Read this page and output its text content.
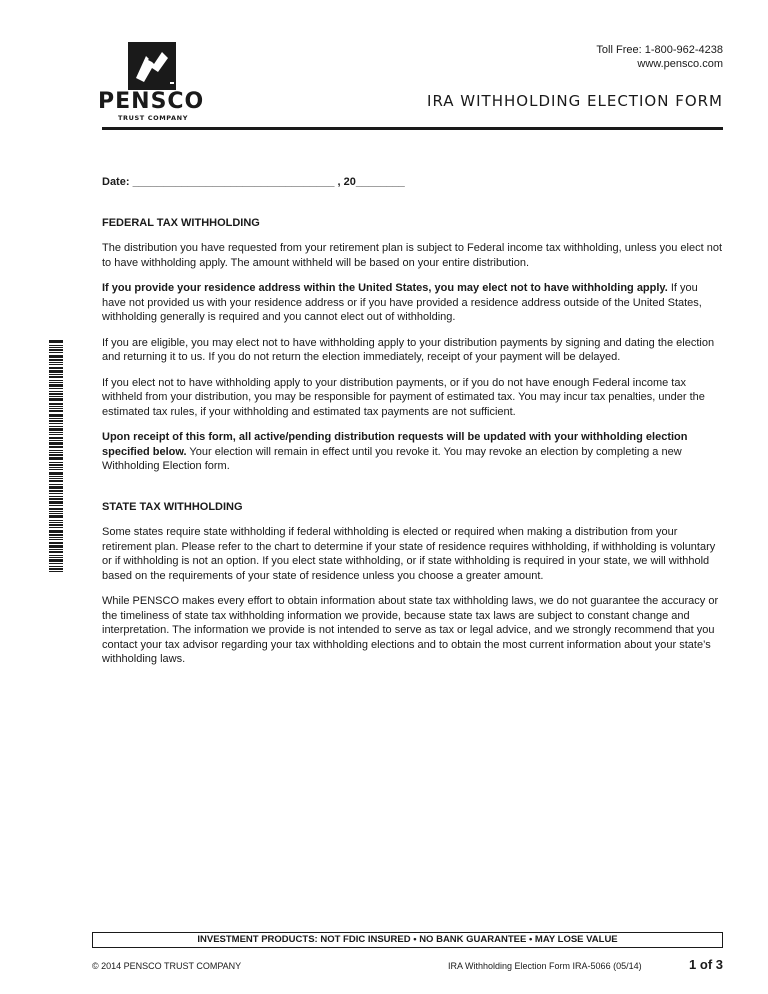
PENSCO
TRUST COMPANY
Toll Free: 1-800-962-4238
www.pensco.com
IRA WITHHOLDING ELECTION FORM

Date: _________________________________ , 20________

FEDERAL TAX WITHHOLDING

The distribution you have requested from your retirement plan is subject to Federal income tax withholding, unless you elect not to have withholding apply. The amount withheld will be based on your entire distribution.

If you provide your residence address within the United States, you may elect not to have withholding apply. If you have not provided us with your residence address or if you have provided a residence address outside of the United States, withholding generally is required and you cannot elect out of withholding.

If you are eligible, you may elect not to have withholding apply to your distribution payments by signing and dating the election and returning it to us. If you do not return the election immediately, receipt of your payment will be delayed.

If you elect not to have withholding apply to your distribution payments, or if you do not have enough Federal income tax withheld from your distribution, you may be responsible for payment of estimated tax. You may incur tax penalties, under the estimated tax rules, if your withholding and estimated tax payments are not sufficient.

Upon receipt of this form, all active/pending distribution requests will be updated with your withholding election specified below. Your election will remain in effect until you revoke it. You may revoke an election by completing a new Withholding Election form.

STATE TAX WITHHOLDING

Some states require state withholding if federal withholding is elected or required when making a distribution from your retirement plan. Please refer to the chart to determine if your state of residence requires withholding, if withholding is voluntary or if withholding is not an option. If you elect state withholding, or if state withholding is required in your state, we will withhold based on the requirements of your state of residence unless you choose a greater amount.

While PENSCO makes every effort to obtain information about state tax withholding laws, we do not guarantee the accuracy or the timeliness of state tax withholding information we provide, because state tax laws are subject to constant change and interpretation. The information we provide is not intended to serve as tax or legal advice, and we strongly recommend that you contact your tax advisor regarding your tax withholding elections and to obtain the most current information about your state’s withholding laws.

INVESTMENT PRODUCTS: NOT FDIC INSURED • NO BANK GUARANTEE • MAY LOSE VALUE
© 2014 PENSCO TRUST COMPANY	IRA Withholding Election Form IRA-5066 (05/14)	1 of 3
